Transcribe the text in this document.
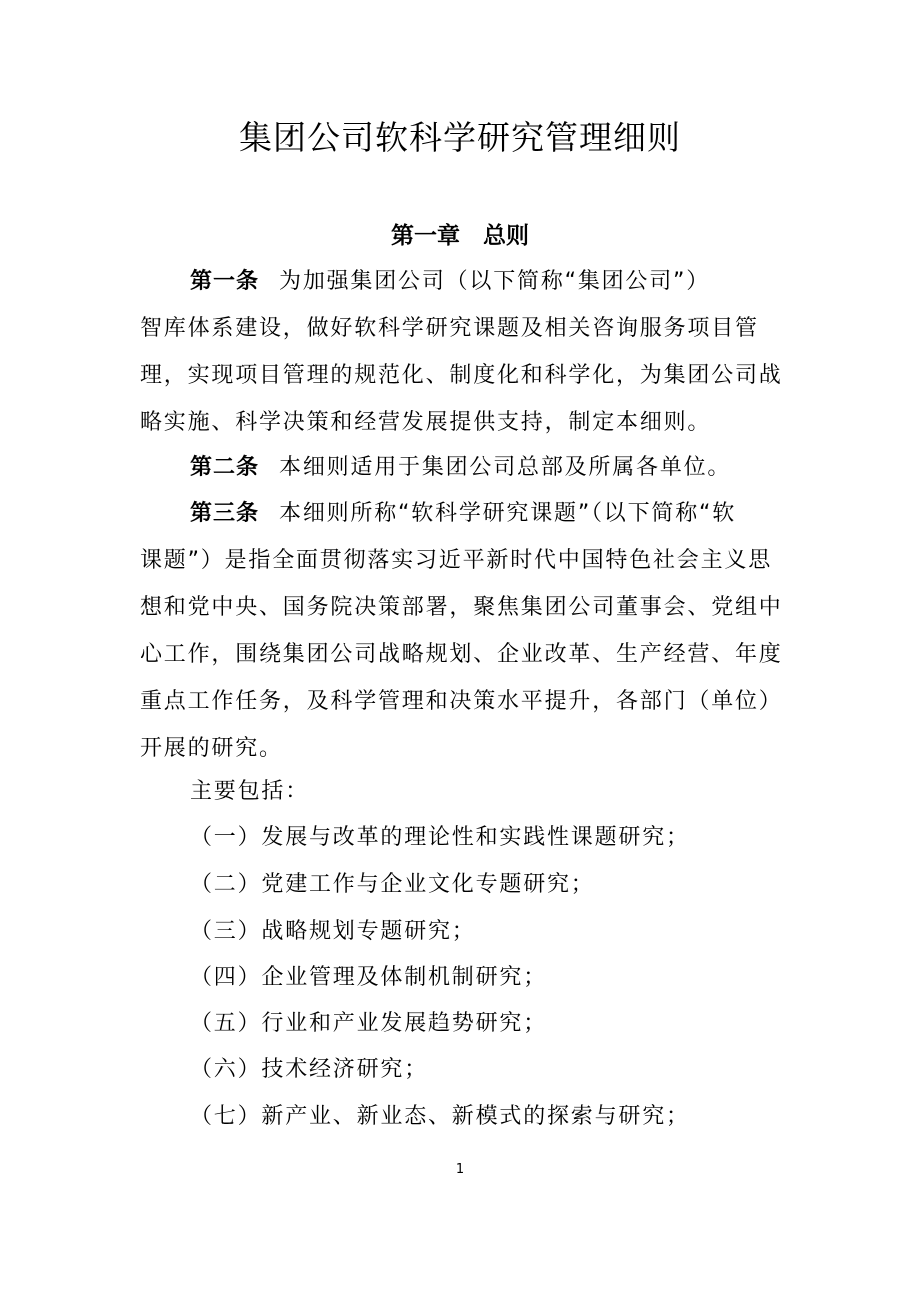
集团公司软科学研究管理细则
第一章　总则
第一条 为加强集团公司（以下简称“集团公司”）
智库体系建设，做好软科学研究课题及相关咨询服务项目管
理，实现项目管理的规范化、制度化和科学化，为集团公司战
略实施、科学决策和经营发展提供支持，制定本细则。
第二条 本细则适用于集团公司总部及所属各单位。
第三条 本细则所称“软科学研究课题”（以下简称“软
课题”）是指全面贯彻落实习近平新时代中国特色社会主义思
想和党中央、国务院决策部署，聚焦集团公司董事会、党组中
心工作，围绕集团公司战略规划、企业改革、生产经营、年度
重点工作任务，及科学管理和决策水平提升，各部门（单位）
开展的研究。
主要包括：
（一）发展与改革的理论性和实践性课题研究；
（二）党建工作与企业文化专题研究；
（三）战略规划专题研究；
（四）企业管理及体制机制研究；
（五）行业和产业发展趋势研究；
（六）技术经济研究；
（七）新产业、新业态、新模式的探索与研究；
1
